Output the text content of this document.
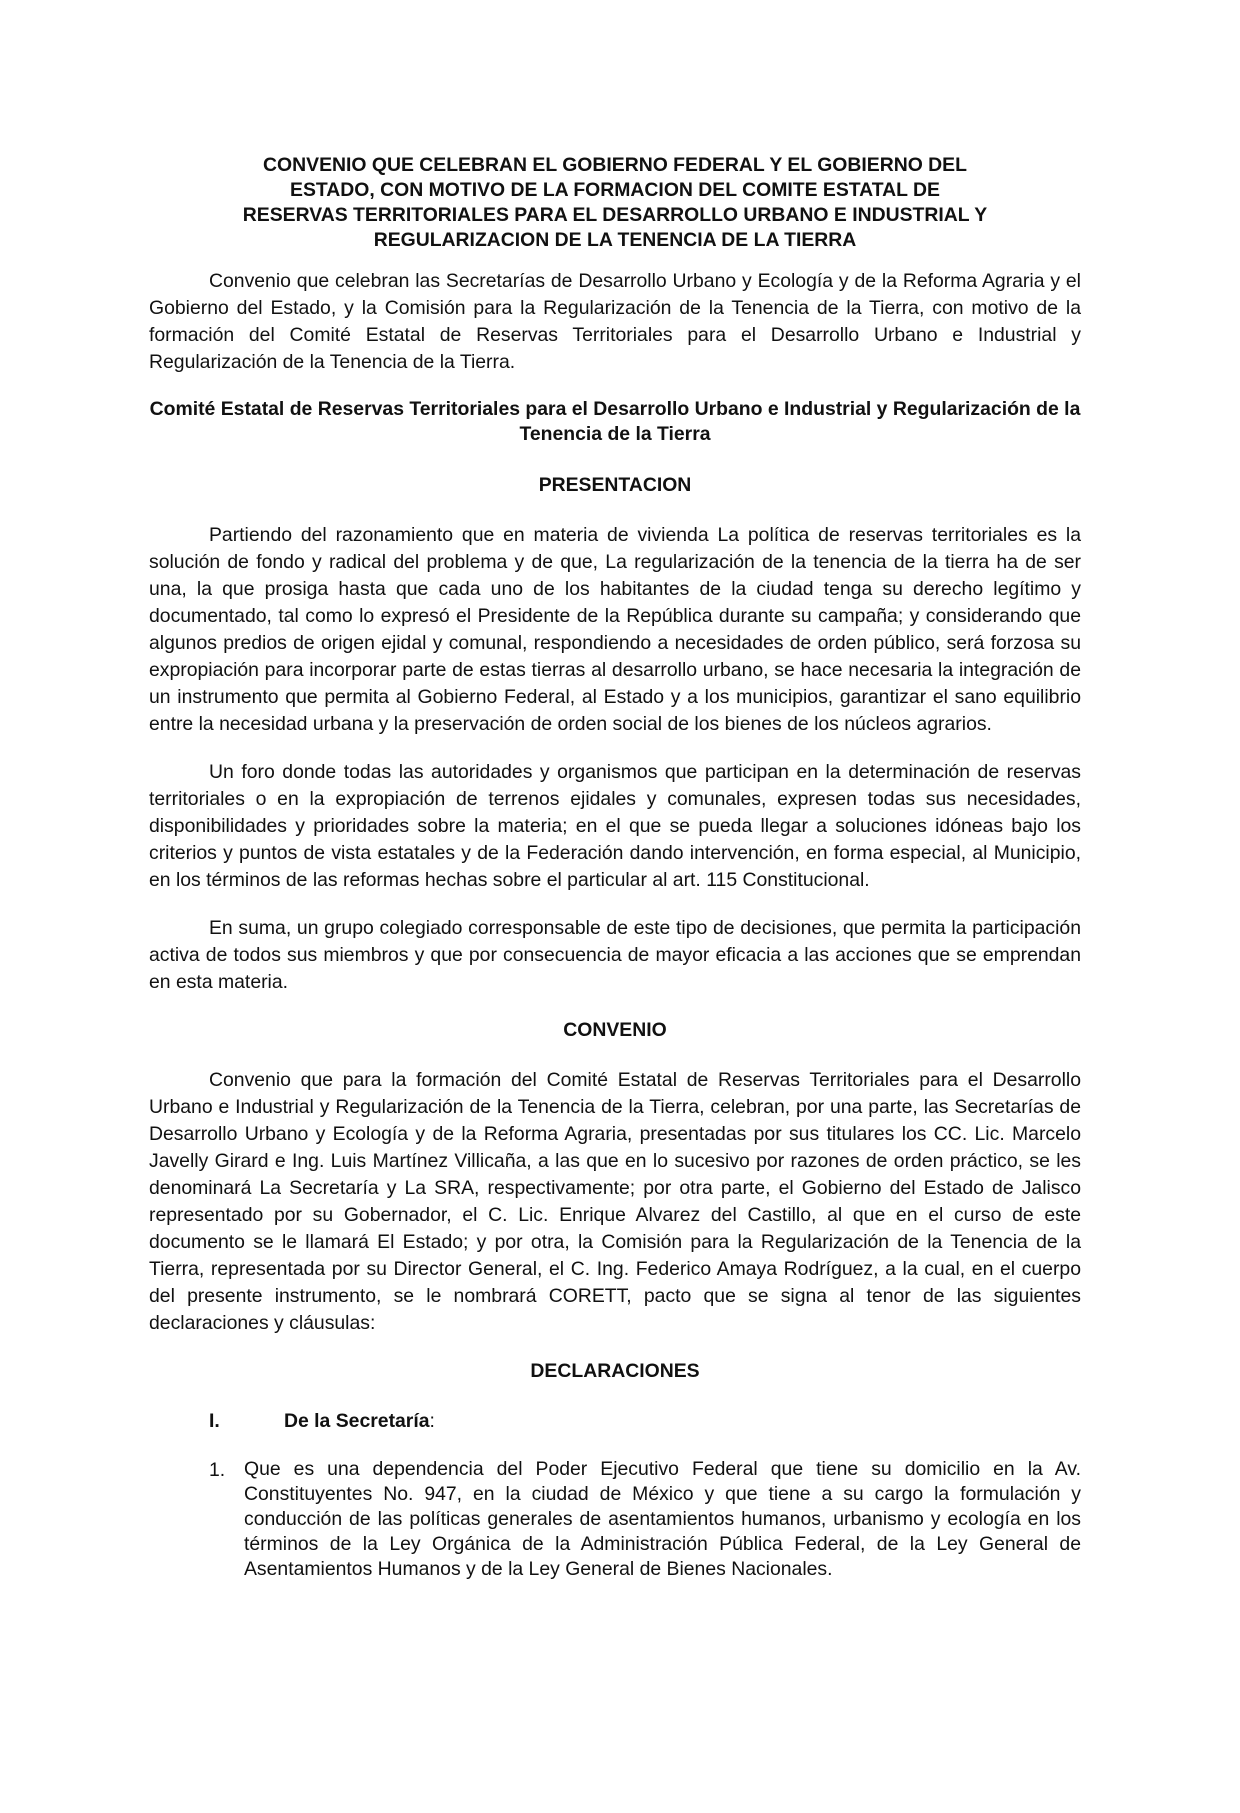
CONVENIO QUE CELEBRAN EL GOBIERNO FEDERAL Y EL GOBIERNO DEL ESTADO, CON MOTIVO DE LA FORMACION DEL COMITE ESTATAL DE RESERVAS TERRITORIALES PARA EL DESARROLLO URBANO E INDUSTRIAL Y REGULARIZACION DE LA TENENCIA DE LA TIERRA
Convenio que celebran las Secretarías de Desarrollo Urbano y Ecología y de la Reforma Agraria y el Gobierno del Estado, y la Comisión para la Regularización de la Tenencia de la Tierra, con motivo de la formación del Comité Estatal de Reservas Territoriales para el Desarrollo Urbano e Industrial y Regularización de la Tenencia de la Tierra.
Comité Estatal de Reservas Territoriales para el Desarrollo Urbano e Industrial y Regularización de la Tenencia de la Tierra
PRESENTACION
Partiendo del razonamiento que en materia de vivienda La política de reservas territoriales es la solución de fondo y radical del problema y de que, La regularización de la tenencia de la tierra ha de ser una, la que prosiga hasta que cada uno de los habitantes de la ciudad tenga su derecho legítimo y documentado, tal como lo expresó el Presidente de la República durante su campaña; y considerando que algunos predios de origen ejidal y comunal, respondiendo a necesidades de orden público, será forzosa su expropiación para incorporar parte de estas tierras al desarrollo urbano, se hace necesaria la integración de un instrumento que permita al Gobierno Federal, al Estado y a los municipios, garantizar el sano equilibrio entre la necesidad urbana y la preservación de orden social de los bienes de los núcleos agrarios.
Un foro donde todas las autoridades y organismos que participan en la determinación de reservas territoriales o en la expropiación de terrenos ejidales y comunales, expresen todas sus necesidades, disponibilidades y prioridades sobre la materia; en el que se pueda llegar a soluciones idóneas bajo los criterios y puntos de vista estatales y de la Federación dando intervención, en forma especial, al Municipio, en los términos de las reformas hechas sobre el particular al art. 115 Constitucional.
En suma, un grupo colegiado corresponsable de este tipo de decisiones, que permita la participación activa de todos sus miembros y que por consecuencia de mayor eficacia a las acciones que se emprendan en esta materia.
CONVENIO
Convenio que para la formación del Comité Estatal de Reservas Territoriales para el Desarrollo Urbano e Industrial y Regularización de la Tenencia de la Tierra, celebran, por una parte, las Secretarías de Desarrollo Urbano y Ecología y de la Reforma Agraria, presentadas por sus titulares los CC. Lic. Marcelo Javelly Girard e Ing. Luis Martínez Villicaña, a las que en lo sucesivo por razones de orden práctico, se les denominará La Secretaría y La SRA, respectivamente; por otra parte, el Gobierno del Estado de Jalisco representado por su Gobernador, el C. Lic. Enrique Alvarez del Castillo, al que en el curso de este documento se le llamará El Estado; y por otra, la Comisión para la Regularización de la Tenencia de la Tierra, representada por su Director General, el C. Ing. Federico Amaya Rodríguez, a la cual, en el cuerpo del presente instrumento, se le nombrará CORETT, pacto que se signa al tenor de las siguientes declaraciones y cláusulas:
DECLARACIONES
I.	De la Secretaría:
1. Que es una dependencia del Poder Ejecutivo Federal que tiene su domicilio en la Av. Constituyentes No. 947, en la ciudad de México y que tiene a su cargo la formulación y conducción de las políticas generales de asentamientos humanos, urbanismo y ecología en los términos de la Ley Orgánica de la Administración Pública Federal, de la Ley General de Asentamientos Humanos y de la Ley General de Bienes Nacionales.
